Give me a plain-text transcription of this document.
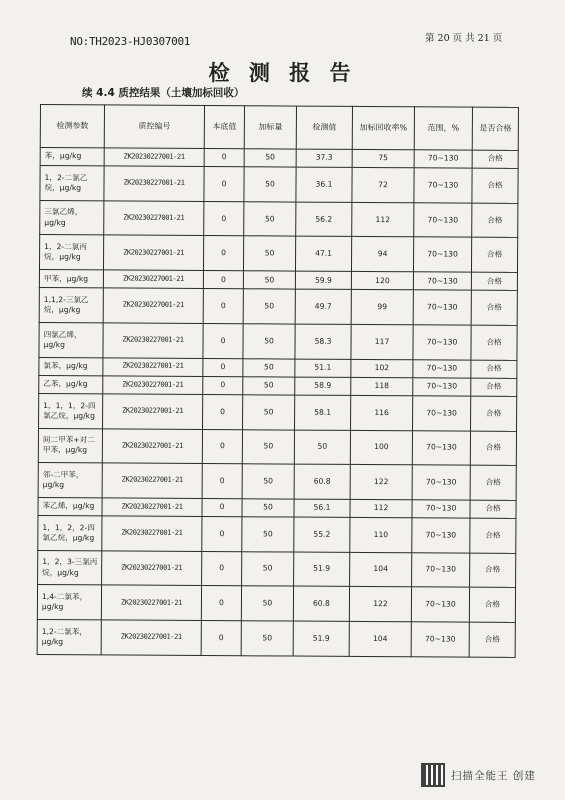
NO:TH2023-HJ0307001	第 20 页 共 21 页
检 测 报 告
续 4.4 质控结果（土壤加标回收）
检测参数	质控编号	本底值	加标量	检测值	加标回收率%	范围，%	是否合格
苯，μg/kg	ZK20230227001-21	0	50	37.3	75	70~130	合格
1，2-二氯乙烷，μg/kg	ZK20230227001-21	0	50	36.1	72	70~130	合格
三氯乙烯，μg/kg	ZK20230227001-21	0	50	56.2	112	70~130	合格
1，2-二氯丙烷，μg/kg	ZK20230227001-21	0	50	47.1	94	70~130	合格
甲苯，μg/kg	ZK20230227001-21	0	50	59.9	120	70~130	合格
1,1,2-三氯乙烷，μg/kg	ZK20230227001-21	0	50	49.7	99	70~130	合格
四氯乙烯，μg/kg	ZK20230227001-21	0	50	58.3	117	70~130	合格
氯苯，μg/kg	ZK20230227001-21	0	50	51.1	102	70~130	合格
乙苯，μg/kg	ZK20230227001-21	0	50	58.9	118	70~130	合格
1，1，1，2-四氯乙烷，μg/kg	ZK20230227001-21	0	50	58.1	116	70~130	合格
间二甲苯+对二甲苯，μg/kg	ZK20230227001-21	0	50	50	100	70~130	合格
邻-二甲苯，μg/kg	ZK20230227001-21	0	50	60.8	122	70~130	合格
苯乙烯，μg/kg	ZK20230227001-21	0	50	56.1	112	70~130	合格
1，1，2，2-四氯乙烷，μg/kg	ZK20230227001-21	0	50	55.2	110	70~130	合格
1，2，3-三氯丙烷，μg/kg	ZK20230227001-21	0	50	51.9	104	70~130	合格
1,4-二氯苯，μg/kg	ZK20230227001-21	0	50	60.8	122	70~130	合格
1,2-二氯苯，μg/kg	ZK20230227001-21	0	50	51.9	104	70~130	合格
扫描全能王 创建
